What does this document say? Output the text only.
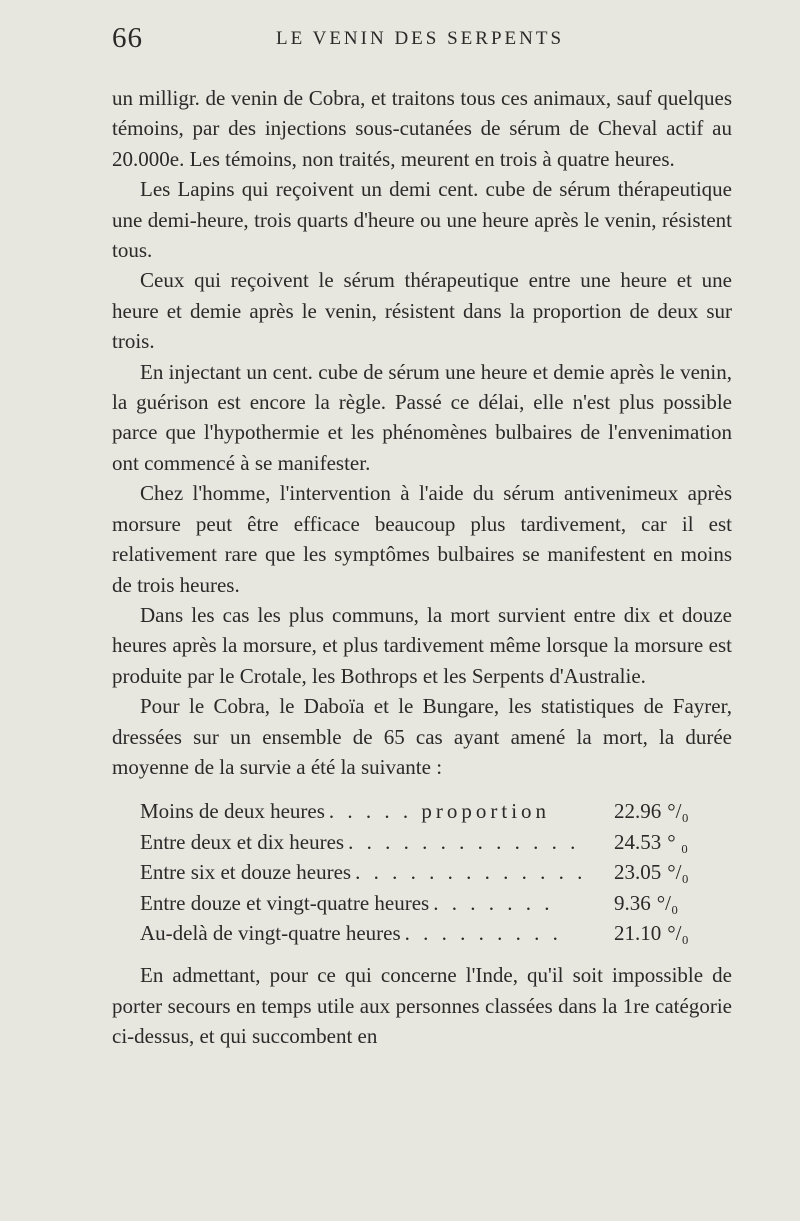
66	LE VENIN DES SERPENTS

un milligr. de venin de Cobra, et traitons tous ces animaux, sauf quelques témoins, par des injections sous-cutanées de sérum de Cheval actif au 20.000e. Les témoins, non traités, meurent en trois à quatre heures.

Les Lapins qui reçoivent un demi cent. cube de sérum thérapeutique une demi-heure, trois quarts d'heure ou une heure après le venin, résistent tous.

Ceux qui reçoivent le sérum thérapeutique entre une heure et une heure et demie après le venin, résistent dans la proportion de deux sur trois.

En injectant un cent. cube de sérum une heure et demie après le venin, la guérison est encore la règle. Passé ce délai, elle n'est plus possible parce que l'hypothermie et les phénomènes bulbaires de l'envenimation ont commencé à se manifester.

Chez l'homme, l'intervention à l'aide du sérum antivenimeux après morsure peut être efficace beaucoup plus tardivement, car il est relativement rare que les symptômes bulbaires se manifestent en moins de trois heures.

Dans les cas les plus communs, la mort survient entre dix et douze heures après la morsure, et plus tardivement même lorsque la morsure est produite par le Crotale, les Bothrops et les Serpents d'Australie.

Pour le Cobra, le Daboïa et le Bungare, les statistiques de Fayrer, dressées sur un ensemble de 65 cas ayant amené la mort, la durée moyenne de la survie a été la suivante :

Moins de deux heures . . . . . proportion	22.96 °/₀
Entre deux et dix heures . . . . . . . . . . . . .	24.53 ° ₀
Entre six et douze heures . . . . . . . . . . . . .	23.05 °/₀
Entre douze et vingt-quatre heures . . . . . . .	9.36 °/₀
Au-delà de vingt-quatre heures . . . . . . . . .	21.10 °/₀

En admettant, pour ce qui concerne l'Inde, qu'il soit impossible de porter secours en temps utile aux personnes classées dans la 1re catégorie ci-dessus, et qui succombent en
